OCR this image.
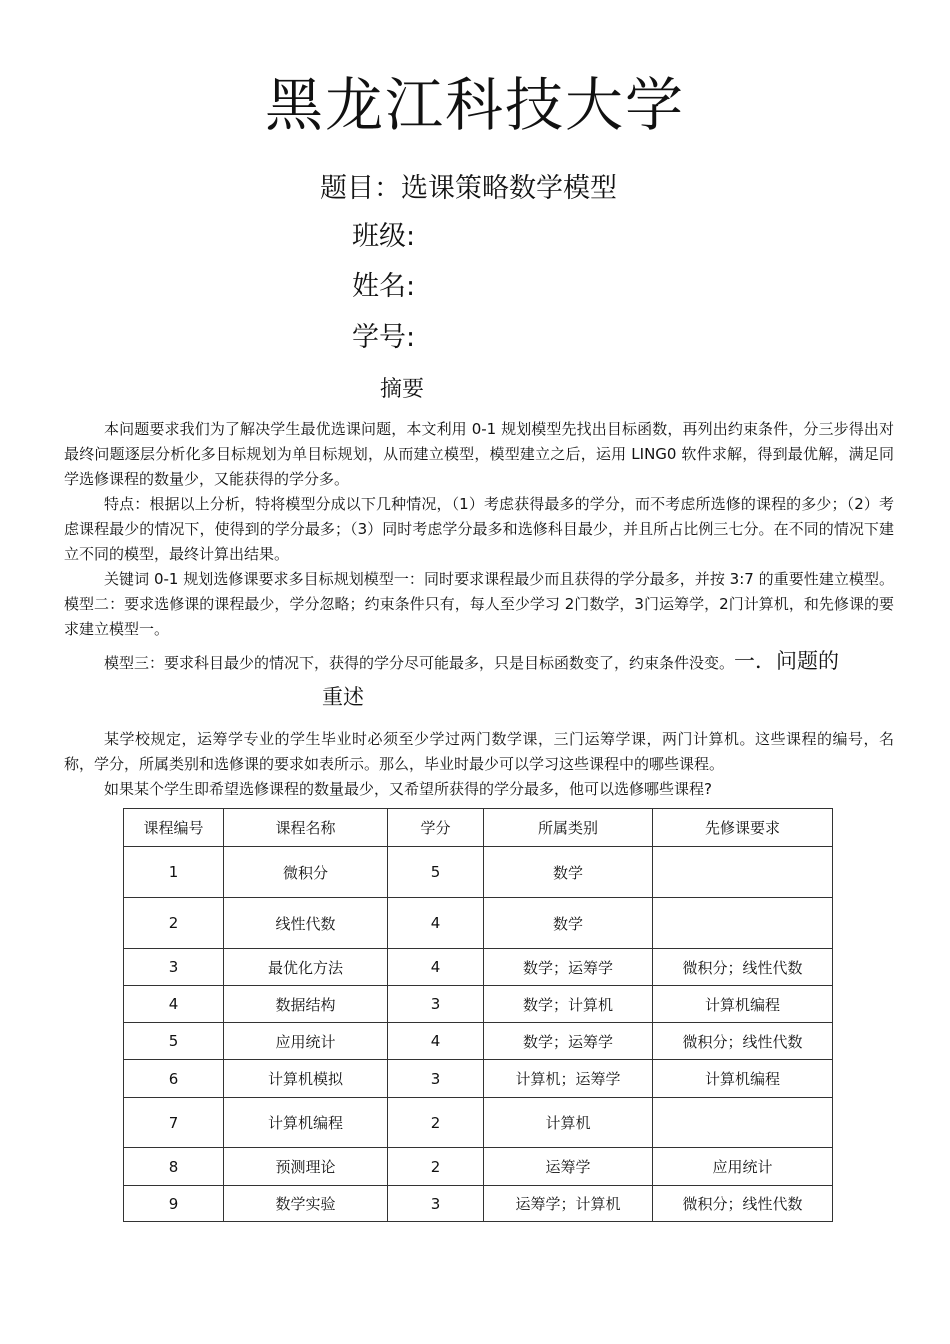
黑龙江科技大学
题目：选课策略数学模型
班级:
姓名:
学号:
摘要
本问题要求我们为了解决学生最优选课问题，本文利用 0-1 规划模型先找出目标函数，再列出约束条件，分三步得出对最终问题逐层分析化多目标规划为单目标规划，从而建立模型，模型建立之后，运用 LING0 软件求解，得到最优解，满足同学选修课程的数量少，又能获得的学分多。
特点：根据以上分析，特将模型分成以下几种情况，（1）考虑获得最多的学分，而不考虑所选修的课程的多少；（2）考虑课程最少的情况下，使得到的学分最多；（3）同时考虑学分最多和选修科目最少，并且所占比例三七分。在不同的情况下建立不同的模型，最终计算出结果。
关键词 0-1 规划选修课要求多目标规划模型一：同时要求课程最少而且获得的学分最多，并按 3:7 的重要性建立模型。模型二：要求选修课的课程最少，学分忽略；约束条件只有，每人至少学习 2门数学，3门运筹学，2门计算机，和先修课的要求建立模型一。
模型三：要求科目最少的情况下，获得的学分尽可能最多，只是目标函数变了，约束条件没变。一．问题的
重述
某学校规定，运筹学专业的学生毕业时必须至少学过两门数学课，三门运筹学课，两门计算机。这些课程的编号，名称，学分，所属类别和选修课的要求如表所示。那么，毕业时最少可以学习这些课程中的哪些课程。
如果某个学生即希望选修课程的数量最少，又希望所获得的学分最多，他可以选修哪些课程?
课程编号	课程名称	学分	所属类别	先修课要求
1	微积分	5	数学	
2	线性代数	4	数学	
3	最优化方法	4	数学；运筹学	微积分；线性代数
4	数据结构	3	数学；计算机	计算机编程
5	应用统计	4	数学；运筹学	微积分；线性代数
6	计算机模拟	3	计算机；运筹学	计算机编程
7	计算机编程	2	计算机	
8	预测理论	2	运筹学	应用统计
9	数学实验	3	运筹学；计算机	微积分；线性代数
